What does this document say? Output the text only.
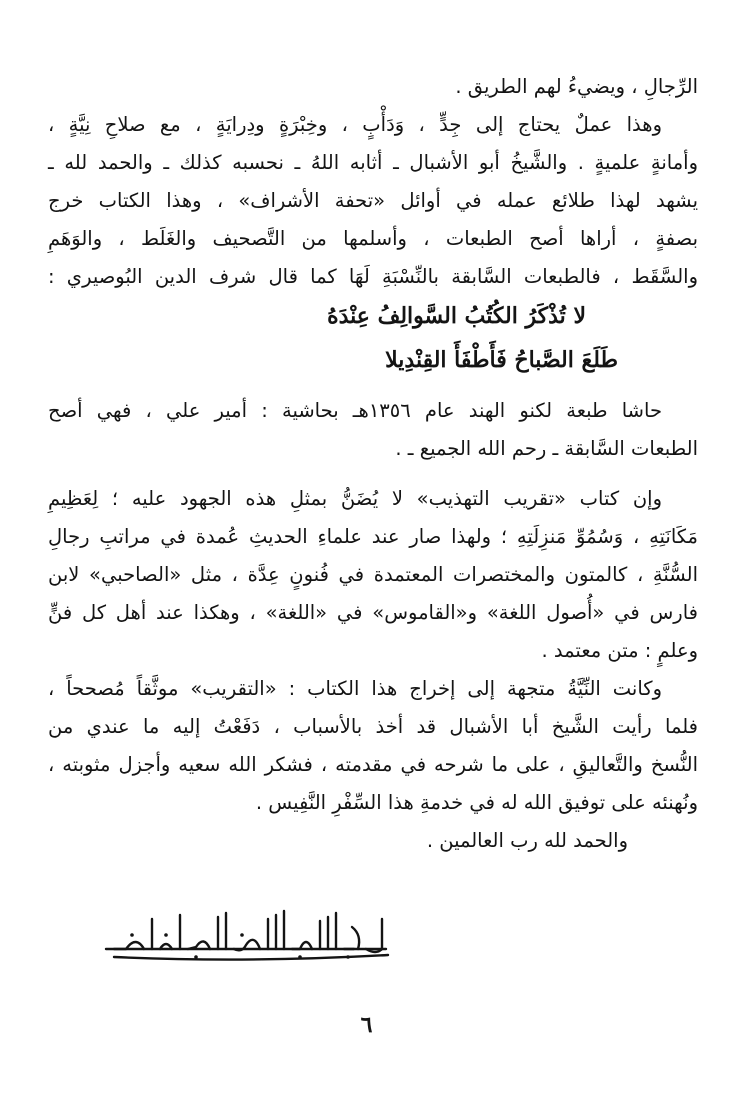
الرِّجالِ ، ويضيءُ لهم الطريق .
وهذا عملٌ يحتاج إلى جِدٍّ ، وَدَأْبٍ ، وخِبْرَةٍ ودِرايَةٍ ، مع صلاحِ نِيَّةٍ ،
وأمانةٍ علميةٍ . والشَّيخُ أبو الأشبال ـ أثابه اللهُ ـ نحسبه كذلك ـ والحمد لله ـ
يشهد لهذا طلائع عمله في أوائل «تحفة الأشراف» ، وهذا الكتاب خرج
بصفةٍ ، أراها أصح الطبعات ، وأسلمها من التَّصحيف والغَلَط ، والوَهَمِ
والسَّقَط ، فالطبعات السَّابقة بالنِّسْبَةِ لَهَا كما قال شرف الدين البُوصيري :
لا تُذْكَرُ الكُتُبُ السَّوالِفُ عِنْدَهُ
طَلَعَ الصَّباحُ فَأَطْفَأَ القِنْدِيلا
حاشا طبعة لكنو الهند عام ١٣٥٦هـ بحاشية : أمير علي ، فهي أصح
الطبعات السَّابقة ـ رحم الله الجميع ـ .
وإن كتاب «تقريب التهذيب» لا يُضَنُّ بمثلِ هذه الجهود عليه ؛ لِعَظِيمِ
مَكَانَتِهِ ، وَسُمُوِّ مَنزِلَتِهِ ؛ ولهذا صار عند علماءِ الحديثِ عُمدة في مراتبِ رجالِ
السُّنَّةِ ، كالمتون والمختصرات المعتمدة في فُنونٍ عِدَّة ، مثل «الصاحبي» لابن
فارس في «أُصول اللغة» و«القاموس» في «اللغة» ، وهكذا عند أهل كل فنٍّ
وعلمٍ : متن معتمد .
وكانت النِّيَّةُ متجهة إلى إخراج هذا الكتاب : «التقريب» موثَّقاً مُصححاً ،
فلما رأيت الشَّيخ أبا الأشبال قد أخذ بالأسباب ، دَفَعْتُ إليه ما عندي من
النُّسخ والتَّعاليقِ ، على ما شرحه في مقدمته ، فشكر الله سعيه وأجزل مثوبته ،
ونُهنئه على توفيق الله له في خدمةِ هذا السِّفْرِ النَّفِيس .
والحمد لله رب العالمين .
٦
